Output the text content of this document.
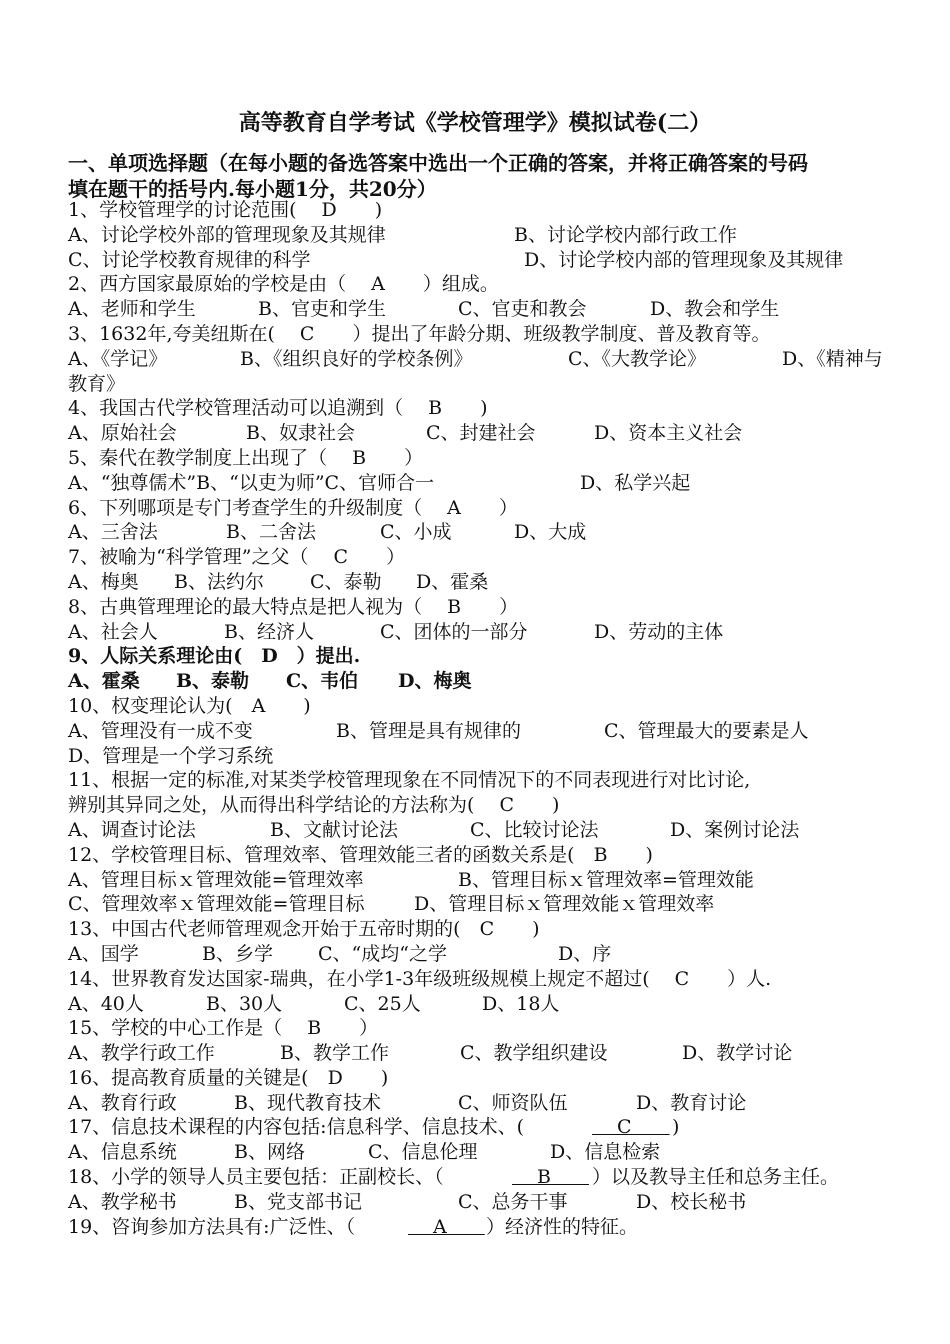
高等教育自学考试《学校管理学》模拟试卷(二）
一、单项选择题（在每小题的备选答案中选出一个正确的答案，并将正确答案的号码
填在题干的括号内.每小题1分，共20分）
1、学校管理学的讨论范围(　 D　　)
A、讨论学校外部的管理现象及其规律	B、讨论学校内部行政工作
C、讨论学校教育规律的科学	D、讨论学校内部的管理现象及其规律
2、西方国家最原始的学校是由（　 A　　）组成。
A、老师和学生	B、官吏和学生	C、官吏和教会	D、教会和学生
3、1632年,夸美纽斯在(　 C　　）提出了年龄分期、班级教学制度、普及教育等。
A、《学记》	B、《组织良好的学校条例》	C、《大教学论》	D、《精神与
教育》
4、我国古代学校管理活动可以追溯到（　 B　　)
A、原始社会	B、奴隶社会	C、封建社会	D、资本主义社会
5、秦代在教学制度上出现了（　 B　　）
A、“独尊儒术”B、“以吏为师”C、官师合一	D、私学兴起
6、下列哪项是专门考查学生的升级制度（　 A　　）
A、三舍法	B、二舍法	C、小成	D、大成
7、被喻为“科学管理”之父（　 C　　）
A、梅奥 B、法约尔 C、泰勒 D、霍桑
8、古典管理理论的最大特点是把人视为（　 B　　）
A、社会人	B、经济人	C、团体的一部分	D、劳动的主体
9、人际关系理论由(　D　）提出.
A、霍桑 B、泰勒 C、韦伯 D、梅奥
10、权变理论认为(　A　　)
A、管理没有一成不变	B、管理是具有规律的	C、管理最大的要素是人
D、管理是一个学习系统
11、根据一定的标准,对某类学校管理现象在不同情况下的不同表现进行对比讨论,
辨别其异同之处，从而得出科学结论的方法称为(　 C　　)
A、调查讨论法	B、文献讨论法	C、比较讨论法	D、案例讨论法
12、学校管理目标、管理效率、管理效能三者的函数关系是(　B　　)
A、管理目标ｘ管理效能=管理效率	B、管理目标ｘ管理效率=管理效能
C、管理效率ｘ管理效能=管理目标	D、管理目标ｘ管理效能ｘ管理效率
13、中国古代老师管理观念开始于五帝时期的(　C　　)
A、国学	B、乡学 C、“成均“之学	D、序
14、世界教育发达国家-瑞典，在小学1-3年级班级规模上规定不超过(　 C　　）人.
A、40人	B、30人	C、25人	D、18人
15、学校的中心工作是（　 B　　）
A、教学行政工作	B、教学工作	C、教学组织建设	D、教学讨论
16、提高教育质量的关键是(　D　　)
A、教育行政	B、现代教育技术	C、师资队伍	D、教育讨论
17、信息技术课程的内容包括:信息科学、信息技术、(	　 C　　 )
A、信息系统	B、网络	C、信息伦理	D、信息检索
18、小学的领导人员主要包括：正副校长、（	　 B　　 ）以及教导主任和总务主任。
A、教学秘书	B、党支部书记	C、总务干事	D、校长秘书
19、咨询参加方法具有:广泛性、（	　 A　　 ）经济性的特征。
